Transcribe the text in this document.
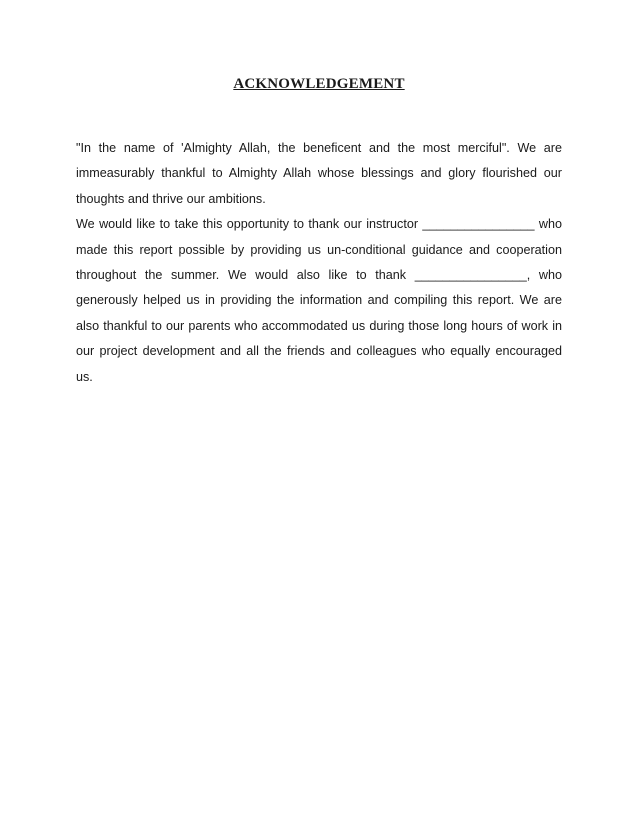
ACKNOWLEDGEMENT

"In the name of 'Almighty Allah, the beneficent and the most merciful". We are immeasurably thankful to Almighty Allah whose blessings and glory flourished our thoughts and thrive our ambitions.

We would like to take this opportunity to thank our instructor ________________ who made this report possible by providing us un-conditional guidance and cooperation throughout the summer. We would also like to thank ________________, who generously helped us in providing the information and compiling this report. We are also thankful to our parents who accommodated us during those long hours of work in our project development and all the friends and colleagues who equally encouraged us.
